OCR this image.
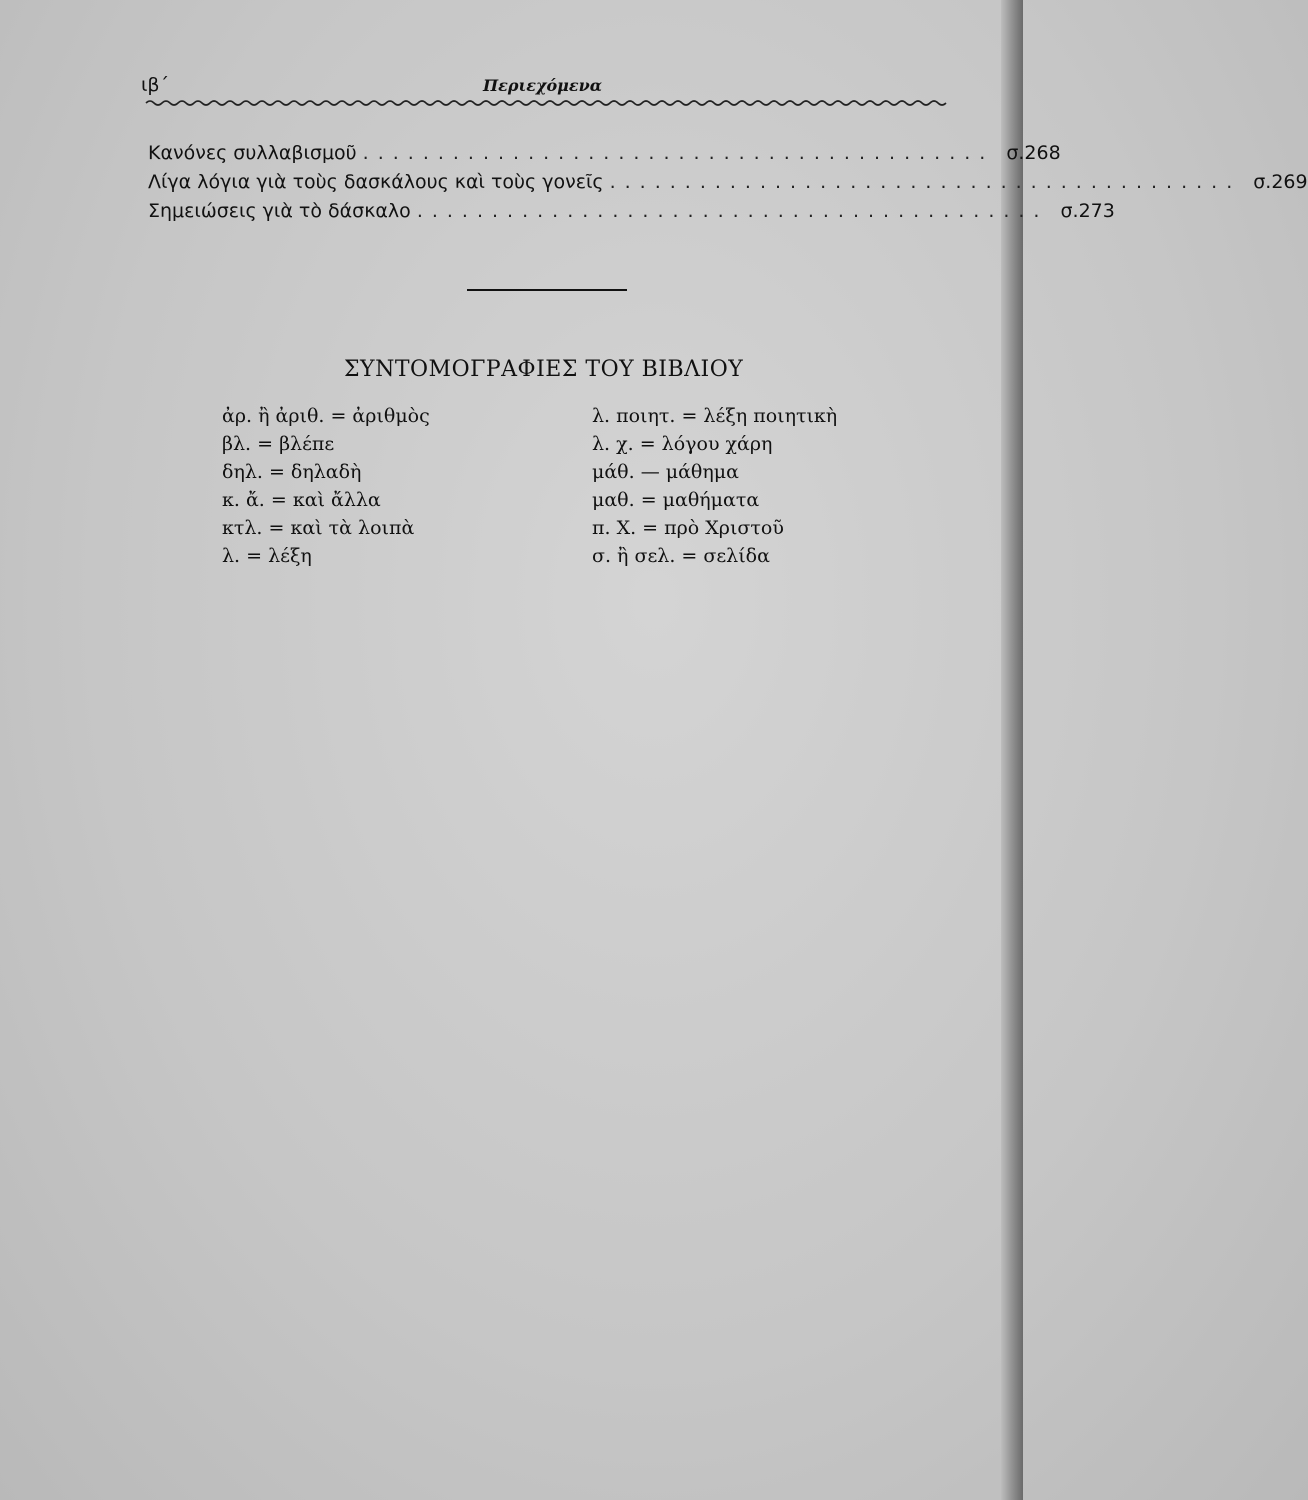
ιβ΄	Περιεχόμενα
Κανόνες συλλαβισμοῦ .......................................... σ. 268
Λίγα λόγια γιὰ τοὺς δασκάλους καὶ τοὺς γονεῖς .......................................... σ. 269
Σημειώσεις γιὰ τὸ δάσκαλο .......................................... σ. 273
ΣΥΝΤΟΜΟΓΡΑΦΙΕΣ ΤΟΥ ΒΙΒΛΙΟΥ
ἀρ. ἢ ἀριθ. = ἀριθμὸς
βλ. = βλέπε
δηλ. = δηλαδὴ
κ. ἄ. = καὶ ἄλλα
κτλ. = καὶ τὰ λοιπὰ
λ. = λέξη
λ. ποιητ. = λέξη ποιητικὴ
λ. χ. = λόγου χάρη
μάθ. — μάθημα
μαθ. = μαθήματα
π. Χ. = πρὸ Χριστοῦ
σ. ἢ σελ. = σελίδα
